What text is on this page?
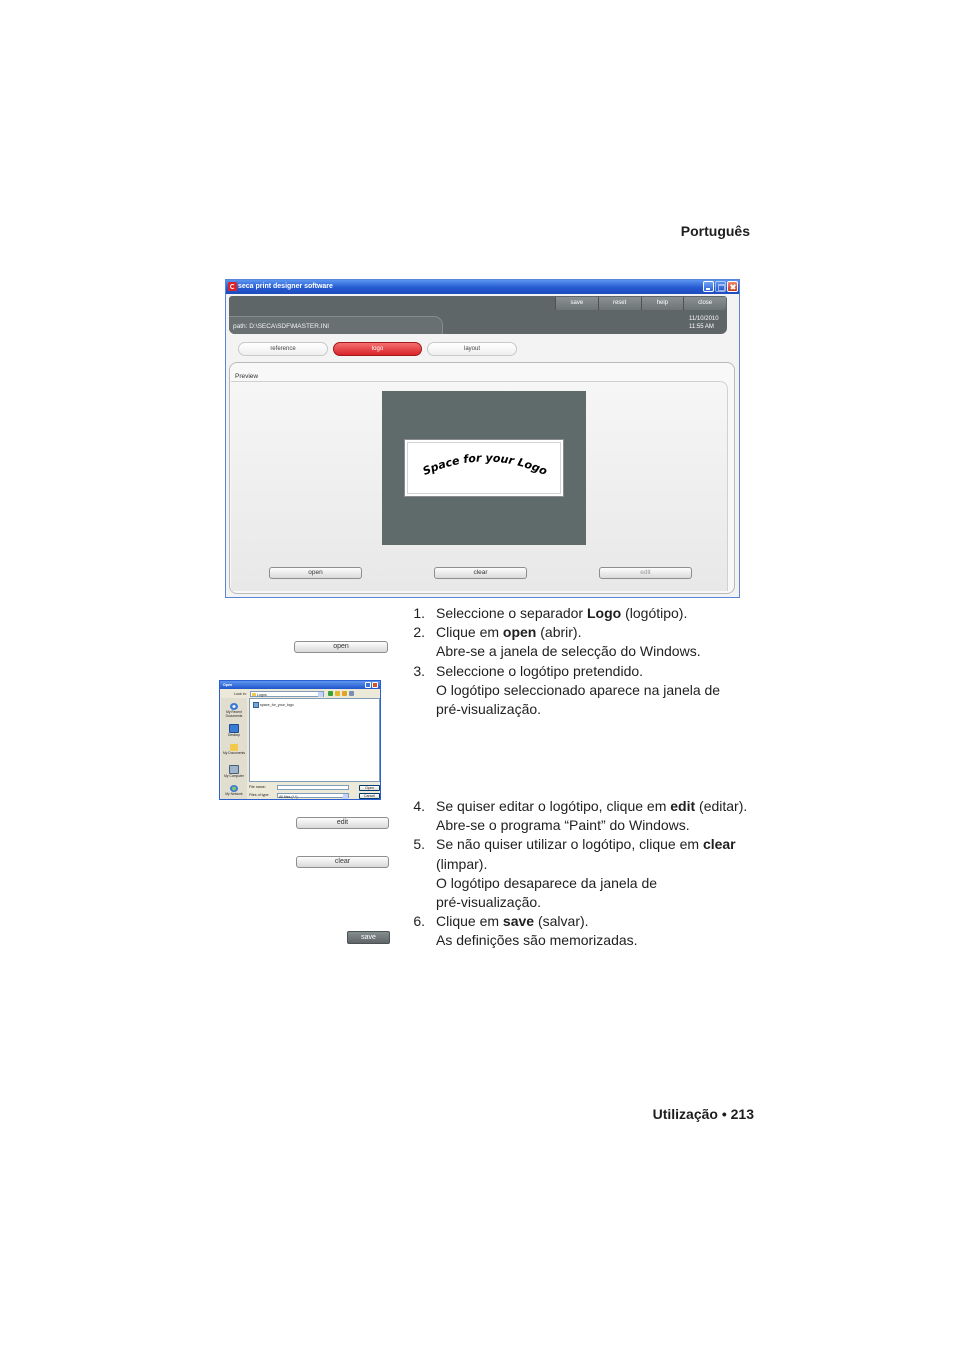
Português
seca print designer software
save	reset	help	close
path: D:\SECA\SDF\MASTER.INI
11/10/2010
11:55 AM
reference	logo	layout
Preview
Space for your Logo
open	clear	edit
open
Open
Look in:	Logos
My Recent Documents
Desktop
My Documents
My Computer
My Network
space_for_your_logo
File name:	Open
Files of type:	All files (*.*)	Cancel
edit
clear
save
1. Seleccione o separador Logo (logótipo).
2. Clique em open (abrir).
Abre-se a janela de selecção do Windows.
3. Seleccione o logótipo pretendido.
O logótipo seleccionado aparece na janela de
pré-visualização.
4. Se quiser editar o logótipo, clique em edit (editar).
Abre-se o programa “Paint” do Windows.
5. Se não quiser utilizar o logótipo, clique em clear
(limpar).
O logótipo desaparece da janela de
pré-visualização.
6. Clique em save (salvar).
As definições são memorizadas.
Utilização • 213
